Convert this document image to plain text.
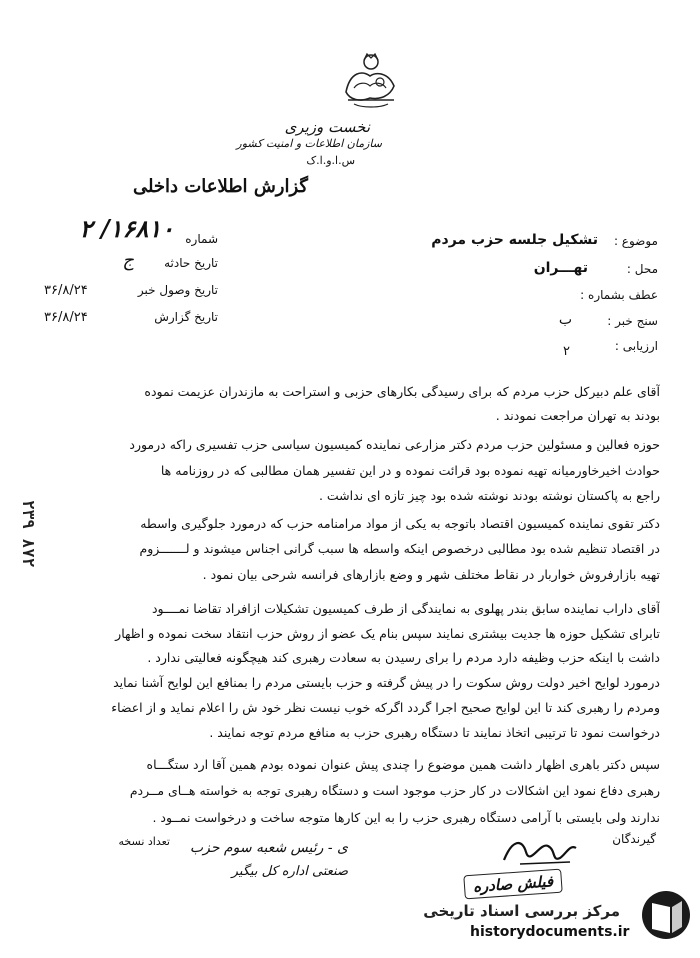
نخست وزیری
سازمان اطلاعات و امنیت کشور
س.ا.و.ا.ک
گزارش اطلاعات داخلی
شماره
۱۶۸۱۰/ ۲
تاریخ حادثه
ج
تاریخ وصول خبر
۳۶/۸/۲۴
تاریخ گزارش
۳۶/۸/۲۴
موضوع :
تشکیل جلسه حزب مردم
محل :
تهـــران
عطف بشماره :
سنج خبر :
ب
ارزیابی :
۲
آقای علم دبیرکل حزب مردم که برای رسیدگی بکارهای حزبی و استراحت به مازندران عزیمت نموده
بودند به تهران مراجعت نمودند .
حوزه فعالین و مسئولین حزب مردم دکتر مزارعی نماینده کمیسیون سیاسی حزب تفسیری راکه درمورد
حوادث اخیرخاورمیانه تهیه نموده بود قرائت نموده و در این تفسیر همان مطالبی که در روزنامه ها
راجع به پاکستان نوشته بودند نوشته شده بود چیز تازه ای نداشت .
دکتر تقوی نماینده کمیسیون اقتصاد باتوجه به یکی از مواد مرامنامه حزب که درمورد جلوگیری واسطه
در اقتصاد تنظیم شده بود مطالبی درخصوص اینکه واسطه ها سبب گرانی اجناس میشوند و لـــــــزوم
تهیه بازارفروش خواربار در نقاط مختلف شهر و وضع بازارهای فرانسه شرحی بیان نمود .
آقای داراب نماینده سابق بندر پهلوی به نمایندگی از طرف کمیسیون تشکیلات ازافراد تقاضا نمــــود
تابرای تشکیل حوزه ها جدیت بیشتری نمایند سپس بنام یک عضو از روش حزب انتقاد سخت نموده و اظهار
داشت با اینکه حزب وظیفه دارد مردم را برای رسیدن به سعادت رهبری کند هیچگونه فعالیتی ندارد .
درمورد لوایح اخیر دولت روش سکوت را در پیش گرفته و حزب بایستی مردم را بمنافع این لوایح آشنا نماید
ومردم را رهبری کند تا این لوایح صحیح اجرا گردد اگرکه خوب نیست نظر خود ش را اعلام نماید و از اعضاء
درخواست نمود تا ترتیبی اتخاذ نمایند تا دستگاه رهبری حزب به منافع مردم توجه نمایند .
سپس دکتر باهری اظهار داشت همین موضوع را چندی پیش عنوان نموده بودم همین آقا ارد ستگـــاه
رهبری دفاع نمود این اشکالات در کار حزب موجود است و دستگاه رهبری توجه به خواسته هــای مــردم
ندارند ولی بایستی با آرامی دستگاه رهبری حزب را به این کارها متوجه ساخت و درخواست نمــود .
۲۳۹ ۸۷۲
گیرندگان
تعداد نسخه ی - رئیس شعبه سوم حزب
صنعتی اداره کل بیگیر
فیلش صادره
مرکز بررسی اسناد تاریخی
historydocuments.ir
